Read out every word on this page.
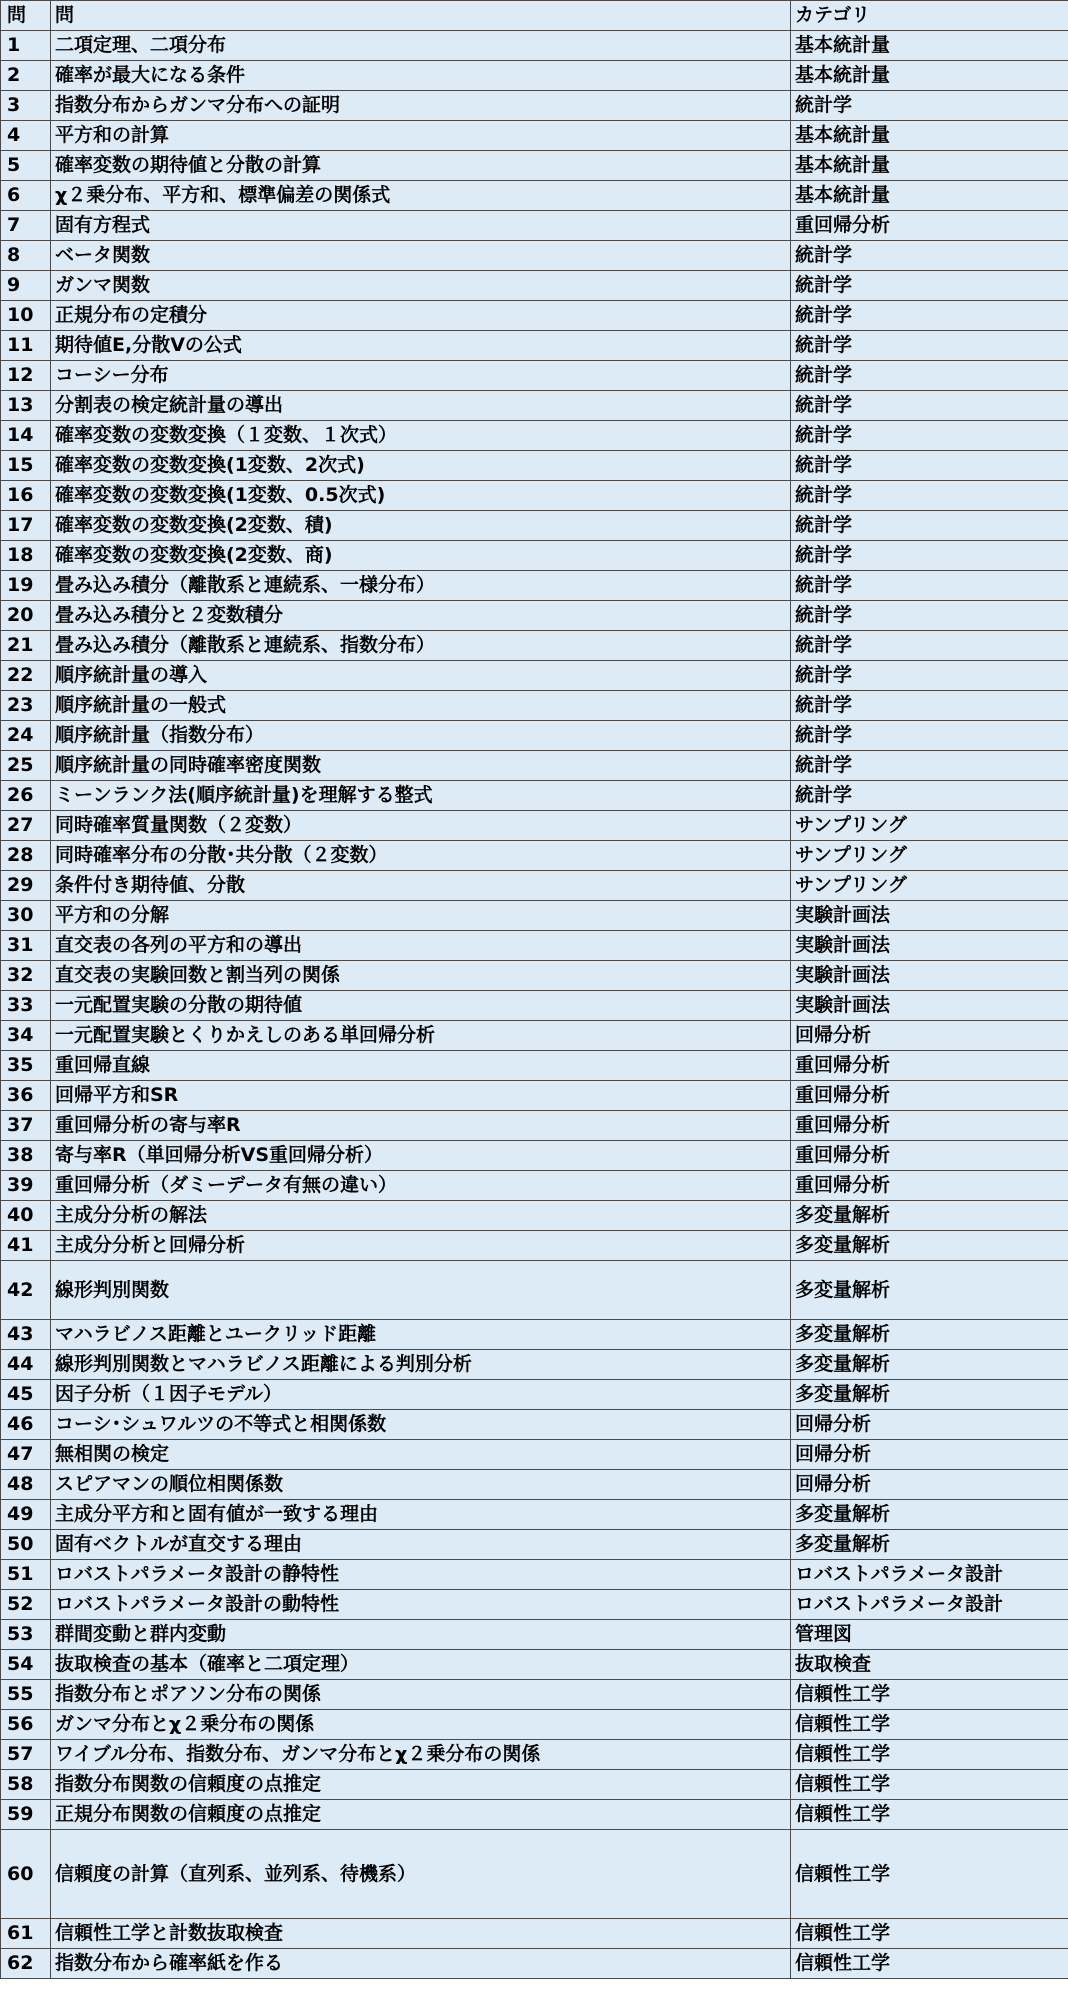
問	問	カテゴリ
1	二項定理、二項分布	基本統計量
2	確率が最大になる条件	基本統計量
3	指数分布からガンマ分布への証明	統計学
4	平方和の計算	基本統計量
5	確率変数の期待値と分散の計算	基本統計量
6	χ２乗分布、平方和、標準偏差の関係式	基本統計量
7	固有方程式	重回帰分析
8	ベータ関数	統計学
9	ガンマ関数	統計学
10	正規分布の定積分	統計学
11	期待値E,分散Vの公式	統計学
12	コーシー分布	統計学
13	分割表の検定統計量の導出	統計学
14	確率変数の変数変換（１変数、１次式）	統計学
15	確率変数の変数変換(1変数、2次式)	統計学
16	確率変数の変数変換(1変数、0.5次式)	統計学
17	確率変数の変数変換(2変数、積)	統計学
18	確率変数の変数変換(2変数、商)	統計学
19	畳み込み積分（離散系と連続系、一様分布）	統計学
20	畳み込み積分と２変数積分	統計学
21	畳み込み積分（離散系と連続系、指数分布）	統計学
22	順序統計量の導入	統計学
23	順序統計量の一般式	統計学
24	順序統計量（指数分布）	統計学
25	順序統計量の同時確率密度関数	統計学
26	ミーンランク法(順序統計量)を理解する整式	統計学
27	同時確率質量関数（２変数）	サンプリング
28	同時確率分布の分散･共分散（２変数）	サンプリング
29	条件付き期待値、分散	サンプリング
30	平方和の分解	実験計画法
31	直交表の各列の平方和の導出	実験計画法
32	直交表の実験回数と割当列の関係	実験計画法
33	一元配置実験の分散の期待値	実験計画法
34	一元配置実験とくりかえしのある単回帰分析	回帰分析
35	重回帰直線	重回帰分析
36	回帰平方和SR	重回帰分析
37	重回帰分析の寄与率R	重回帰分析
38	寄与率R（単回帰分析VS重回帰分析）	重回帰分析
39	重回帰分析（ダミーデータ有無の違い）	重回帰分析
40	主成分分析の解法	多変量解析
41	主成分分析と回帰分析	多変量解析
42	線形判別関数	多変量解析
43	マハラビノス距離とユークリッド距離	多変量解析
44	線形判別関数とマハラビノス距離による判別分析	多変量解析
45	因子分析（１因子モデル）	多変量解析
46	コーシ･シュワルツの不等式と相関係数	回帰分析
47	無相関の検定	回帰分析
48	スピアマンの順位相関係数	回帰分析
49	主成分平方和と固有値が一致する理由	多変量解析
50	固有ベクトルが直交する理由	多変量解析
51	ロバストパラメータ設計の静特性	ロバストパラメータ設計
52	ロバストパラメータ設計の動特性	ロバストパラメータ設計
53	群間変動と群内変動	管理図
54	抜取検査の基本（確率と二項定理）	抜取検査
55	指数分布とポアソン分布の関係	信頼性工学
56	ガンマ分布とχ２乗分布の関係	信頼性工学
57	ワイブル分布、指数分布、ガンマ分布とχ２乗分布の関係	信頼性工学
58	指数分布関数の信頼度の点推定	信頼性工学
59	正規分布関数の信頼度の点推定	信頼性工学
60	信頼度の計算（直列系、並列系、待機系）	信頼性工学
61	信頼性工学と計数抜取検査	信頼性工学
62	指数分布から確率紙を作る	信頼性工学
